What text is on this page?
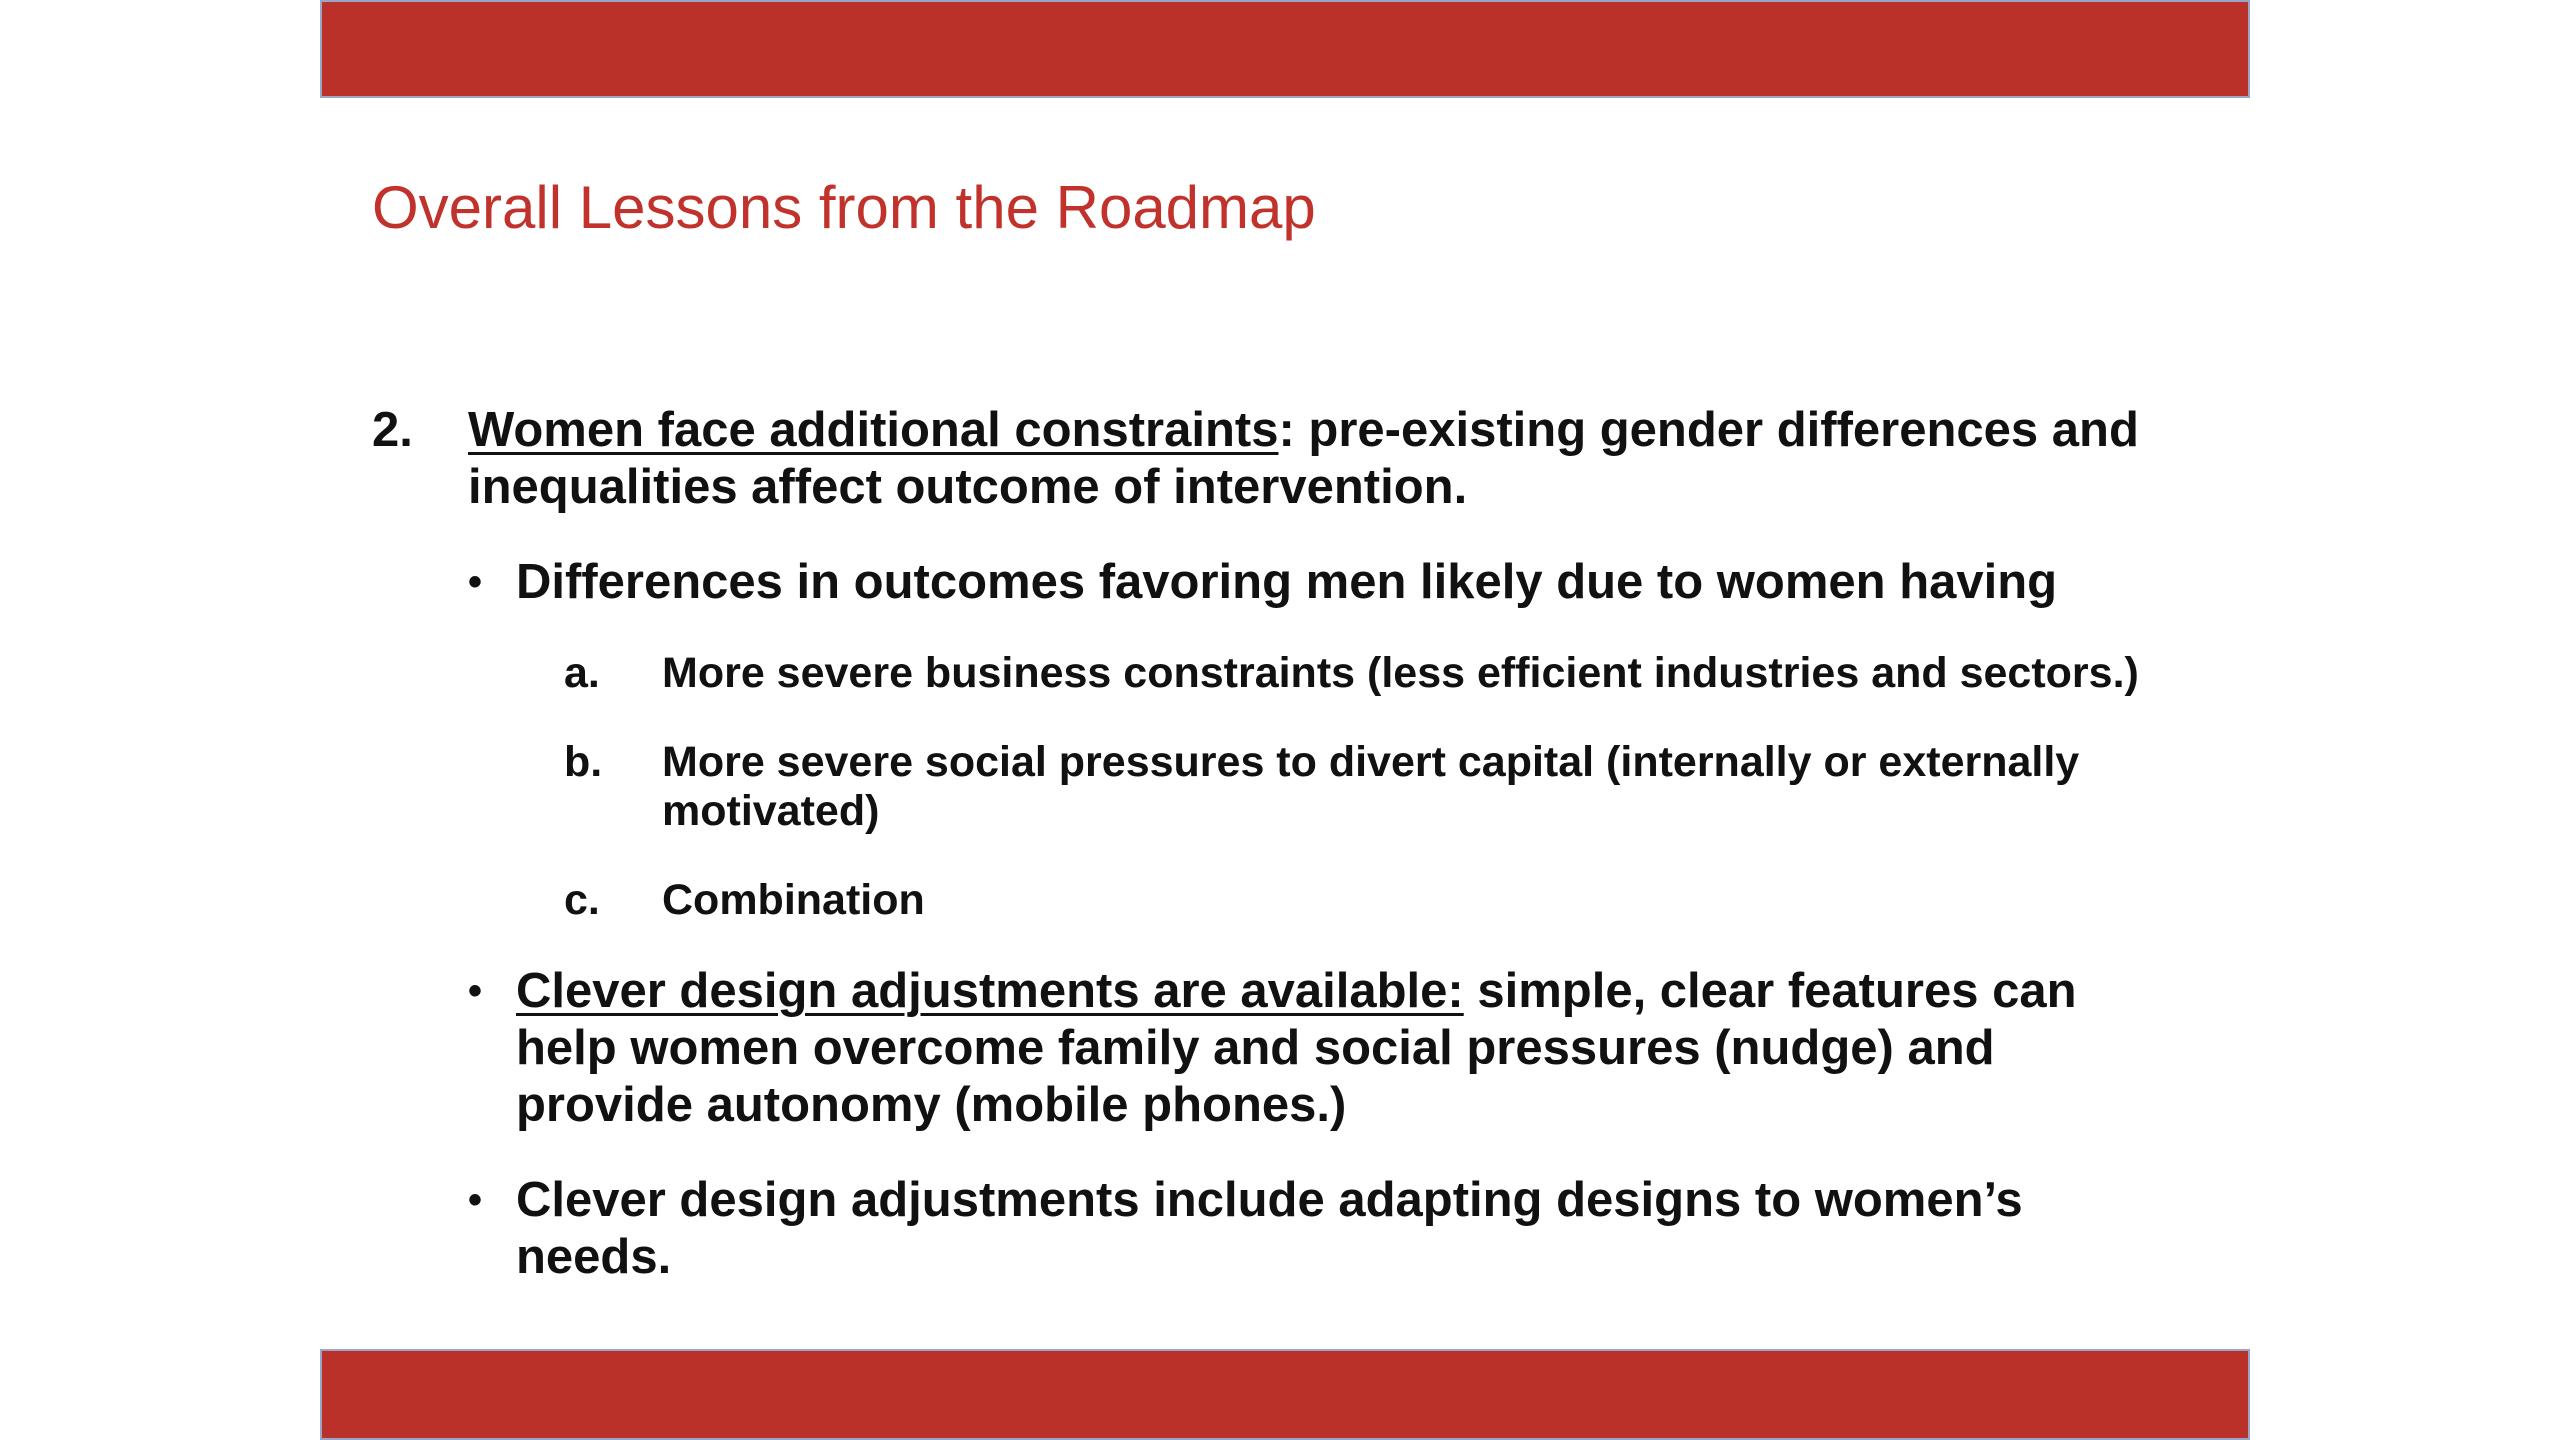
Overall Lessons from the Roadmap
2. Women face additional constraints: pre-existing gender differences and inequalities affect outcome of intervention.
• Differences in outcomes favoring men likely due to women having
a. More severe business constraints (less efficient industries and sectors.)
b. More severe social pressures to divert capital (internally or externally motivated)
c. Combination
• Clever design adjustments are available: simple, clear features can help women overcome family and social pressures (nudge) and provide autonomy (mobile phones.)
• Clever design adjustments include adapting designs to women’s needs.
